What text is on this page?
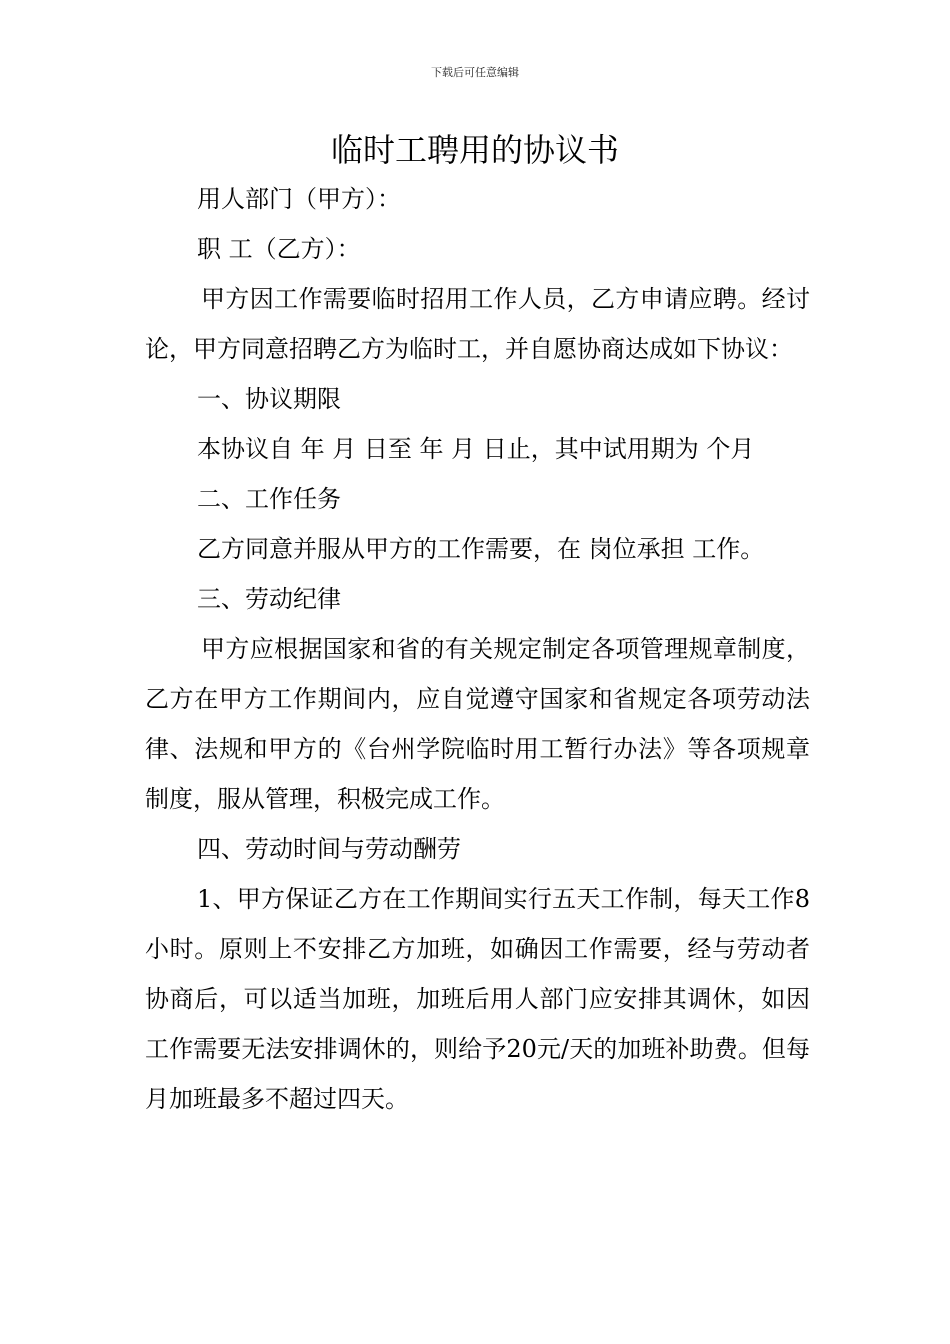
下载后可任意编辑
临时工聘用的协议书

用人部门（甲方）：

职 工（乙方）：

甲方因工作需要临时招用工作人员，乙方申请应聘。经讨论，甲方同意招聘乙方为临时工，并自愿协商达成如下协议：

一、协议期限

本协议自 年 月 日至 年 月 日止，其中试用期为 个月

二、工作任务

乙方同意并服从甲方的工作需要，在 岗位承担 工作。

三、劳动纪律

甲方应根据国家和省的有关规定制定各项管理规章制度，乙方在甲方工作期间内，应自觉遵守国家和省规定各项劳动法律、法规和甲方的《台州学院临时用工暂行办法》等各项规章制度，服从管理，积极完成工作。

四、劳动时间与劳动酬劳

1、甲方保证乙方在工作期间实行五天工作制，每天工作8小时。原则上不安排乙方加班，如确因工作需要，经与劳动者协商后，可以适当加班，加班后用人部门应安排其调休，如因工作需要无法安排调休的，则给予20元/天的加班补助费。但每月加班最多不超过四天。
